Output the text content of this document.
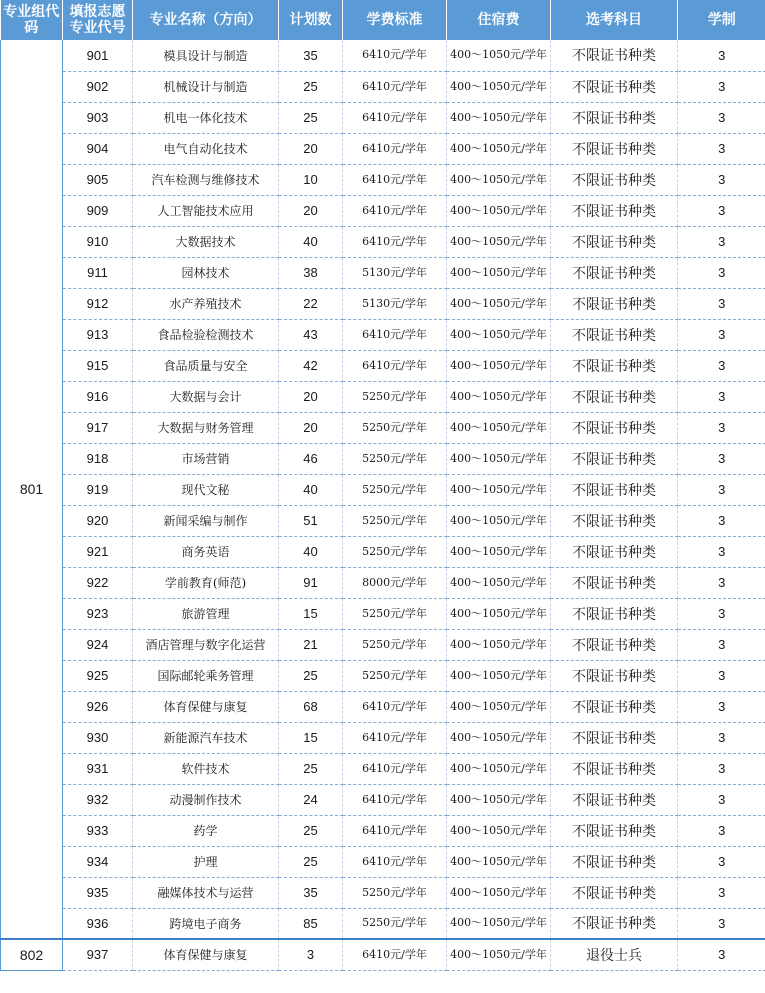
专业组代码	填报志愿专业代号	专业名称（方向）	计划数	学费标准	住宿费	选考科目	学制
801	901	模具设计与制造	35	6410元/学年	400～1050元/学年	不限证书种类	3
	902	机械设计与制造	25	6410元/学年	400～1050元/学年	不限证书种类	3
	903	机电一体化技术	25	6410元/学年	400～1050元/学年	不限证书种类	3
	904	电气自动化技术	20	6410元/学年	400～1050元/学年	不限证书种类	3
	905	汽车检测与维修技术	10	6410元/学年	400～1050元/学年	不限证书种类	3
	909	人工智能技术应用	20	6410元/学年	400～1050元/学年	不限证书种类	3
	910	大数据技术	40	6410元/学年	400～1050元/学年	不限证书种类	3
	911	园林技术	38	5130元/学年	400～1050元/学年	不限证书种类	3
	912	水产养殖技术	22	5130元/学年	400～1050元/学年	不限证书种类	3
	913	食品检验检测技术	43	6410元/学年	400～1050元/学年	不限证书种类	3
	915	食品质量与安全	42	6410元/学年	400～1050元/学年	不限证书种类	3
	916	大数据与会计	20	5250元/学年	400～1050元/学年	不限证书种类	3
	917	大数据与财务管理	20	5250元/学年	400～1050元/学年	不限证书种类	3
	918	市场营销	46	5250元/学年	400～1050元/学年	不限证书种类	3
	919	现代文秘	40	5250元/学年	400～1050元/学年	不限证书种类	3
	920	新闻采编与制作	51	5250元/学年	400～1050元/学年	不限证书种类	3
	921	商务英语	40	5250元/学年	400～1050元/学年	不限证书种类	3
	922	学前教育(师范)	91	8000元/学年	400～1050元/学年	不限证书种类	3
	923	旅游管理	15	5250元/学年	400～1050元/学年	不限证书种类	3
	924	酒店管理与数字化运营	21	5250元/学年	400～1050元/学年	不限证书种类	3
	925	国际邮轮乘务管理	25	5250元/学年	400～1050元/学年	不限证书种类	3
	926	体育保健与康复	68	6410元/学年	400～1050元/学年	不限证书种类	3
	930	新能源汽车技术	15	6410元/学年	400～1050元/学年	不限证书种类	3
	931	软件技术	25	6410元/学年	400～1050元/学年	不限证书种类	3
	932	动漫制作技术	24	6410元/学年	400～1050元/学年	不限证书种类	3
	933	药学	25	6410元/学年	400～1050元/学年	不限证书种类	3
	934	护理	25	6410元/学年	400～1050元/学年	不限证书种类	3
	935	融媒体技术与运营	35	5250元/学年	400～1050元/学年	不限证书种类	3
	936	跨境电子商务	85	5250元/学年	400～1050元/学年	不限证书种类	3
802	937	体育保健与康复	3	6410元/学年	400～1050元/学年	退役士兵	3
